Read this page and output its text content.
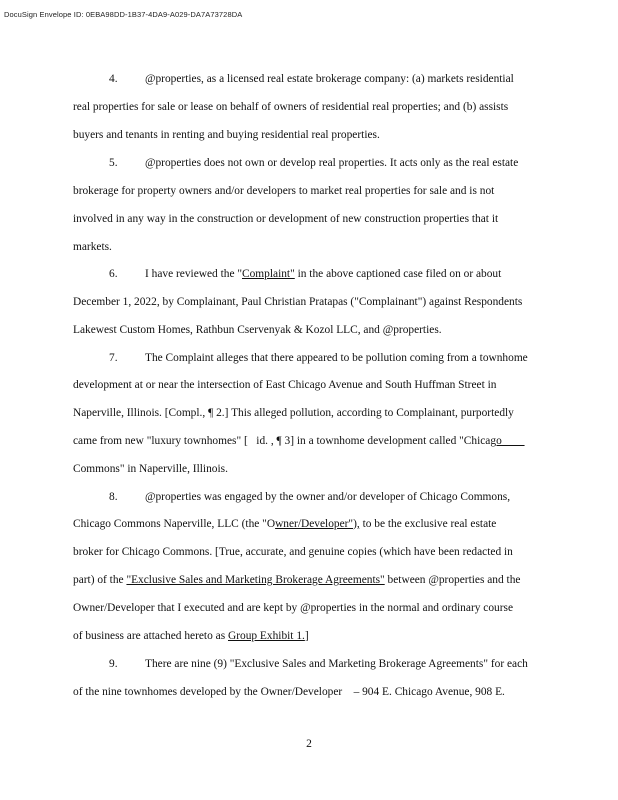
DocuSign Envelope ID: 0EBA98DD-1B37-4DA9-A029-DA7A73728DA
4. @properties, as a licensed real estate brokerage company: (a) markets residential
real properties for sale or lease on behalf of owners of residential real properties; and (b) assists
buyers and tenants in renting and buying residential real properties.
5. @properties does not own or develop real properties. It acts only as the real estate
brokerage for property owners and/or developers to market real properties for sale and is not
involved in any way in the construction or development of new construction properties that it
markets.
6. I have reviewed the "Complaint" in the above captioned case filed on or about
December 1, 2022, by Complainant, Paul Christian Pratapas ("Complainant") against Respondents
Lakewest Custom Homes, Rathbun Cservenyak & Kozol LLC, and @properties.
7. The Complaint alleges that there appeared to be pollution coming from a townhome
development at or near the intersection of East Chicago Avenue and South Huffman Street in
Naperville, Illinois. [Compl., ¶ 2.] This alleged pollution, according to Complainant, purportedly
came from new "luxury townhomes" [   id. , ¶ 3] in a townhome development called "Chicago
Commons" in Naperville, Illinois.
8. @properties was engaged by the owner and/or developer of Chicago Commons,
Chicago Commons Naperville, LLC (the "Owner/Developer"), to be the exclusive real estate
broker for Chicago Commons. [True, accurate, and genuine copies (which have been redacted in
part) of the "Exclusive Sales and Marketing Brokerage Agreements" between @properties and the
Owner/Developer that I executed and are kept by @properties in the normal and ordinary course
of business are attached hereto as Group Exhibit 1.]
9. There are nine (9) "Exclusive Sales and Marketing Brokerage Agreements" for each
of the nine townhomes developed by the Owner/Developer    – 904 E. Chicago Avenue, 908 E.
2
